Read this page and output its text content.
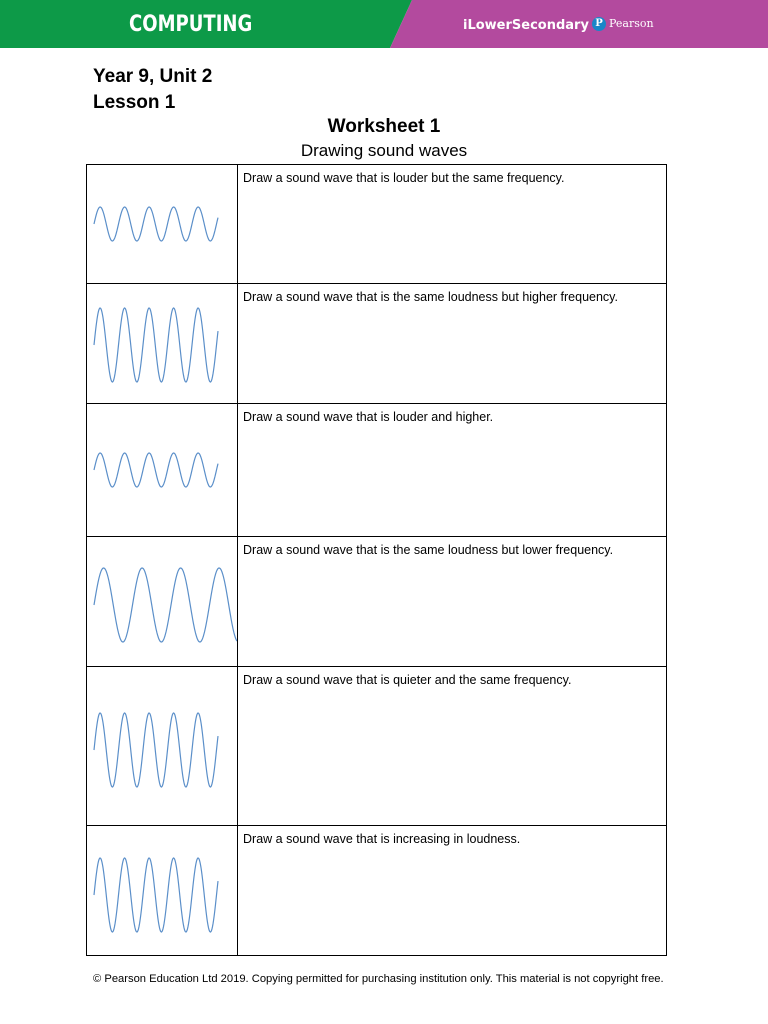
COMPUTING	iLowerSecondary P Pearson
Year 9, Unit 2
Lesson 1
Worksheet 1
Drawing sound waves
Draw a sound wave that is louder but the same frequency.
Draw a sound wave that is the same loudness but higher frequency.
Draw a sound wave that is louder and higher.
Draw a sound wave that is the same loudness but lower frequency.
Draw a sound wave that is quieter and the same frequency.
Draw a sound wave that is increasing in loudness.
© Pearson Education Ltd 2019. Copying permitted for purchasing institution only. This material is not copyright free.
